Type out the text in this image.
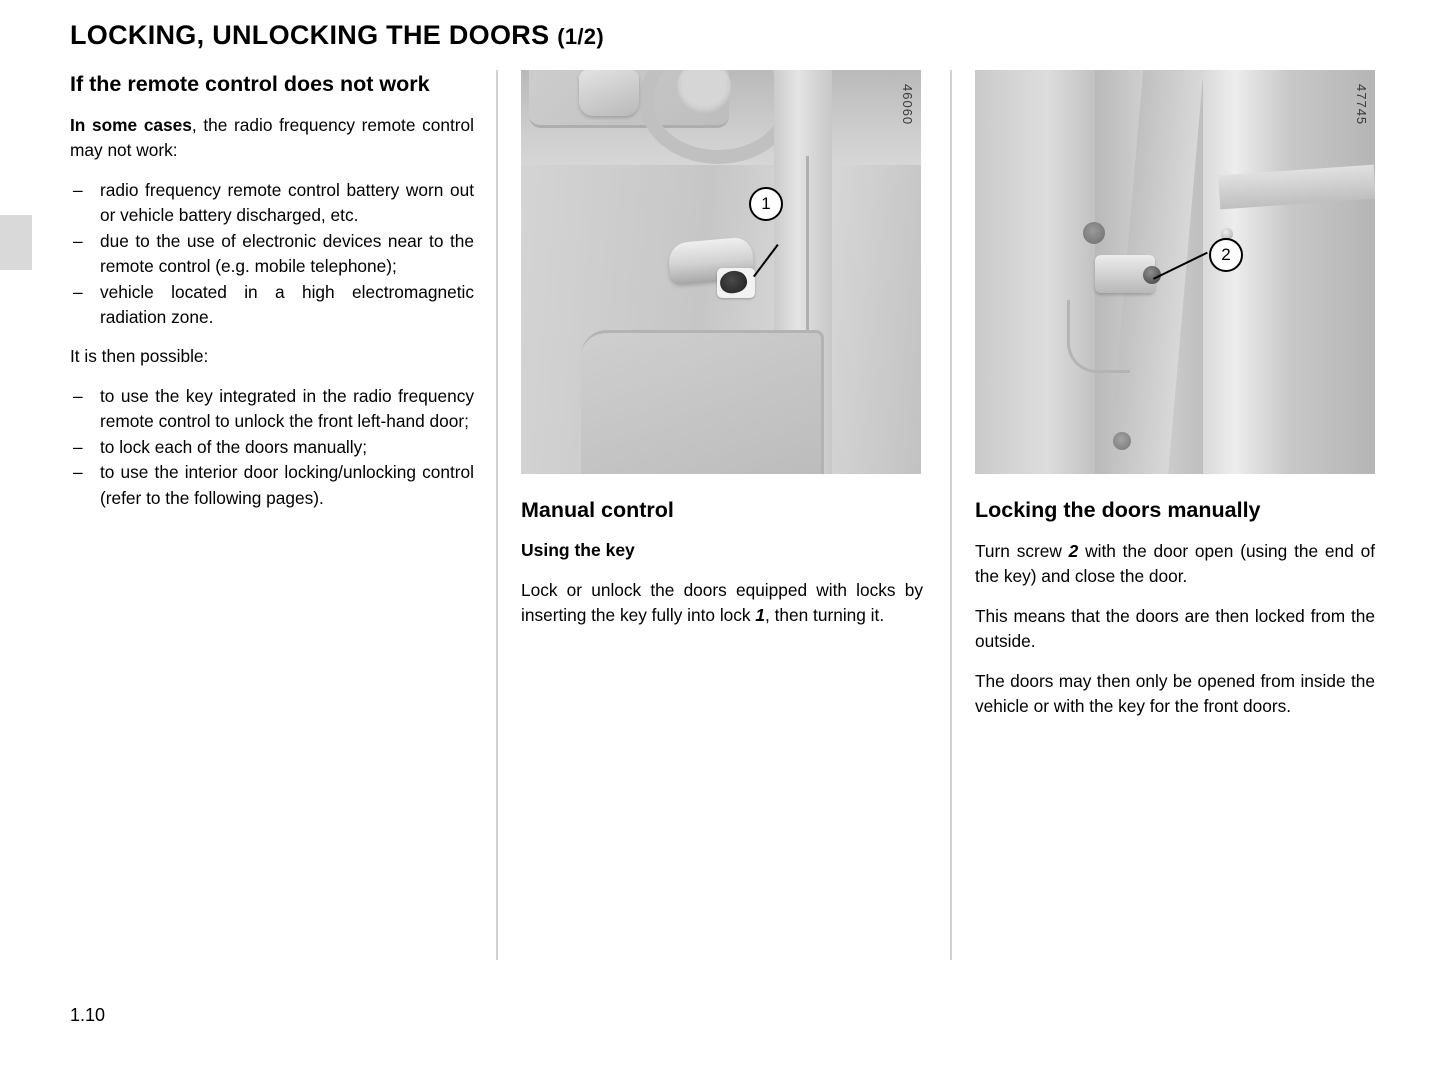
LOCKING, UNLOCKING THE DOORS (1/2)
If the remote control does not work

In some cases, the radio frequency remote control may not work:

– radio frequency remote control battery worn out or vehicle battery discharged, etc.
– due to the use of electronic devices near to the remote control (e.g. mobile telephone);
– vehicle located in a high electromagnetic radiation zone.

It is then possible:

– to use the key integrated in the radio frequency remote control to unlock the front left-hand door;
– to lock each of the doors manually;
– to use the interior door locking/unlocking control (refer to the following pages).
1
46060
Manual control
Using the key

Lock or unlock the doors equipped with locks by inserting the key fully into lock 1, then turning it.

2
47745
Locking the doors manually

Turn screw 2 with the door open (using the end of the key) and close the door.

This means that the doors are then locked from the outside.

The doors may then only be opened from inside the vehicle or with the key for the front doors.

1.10
